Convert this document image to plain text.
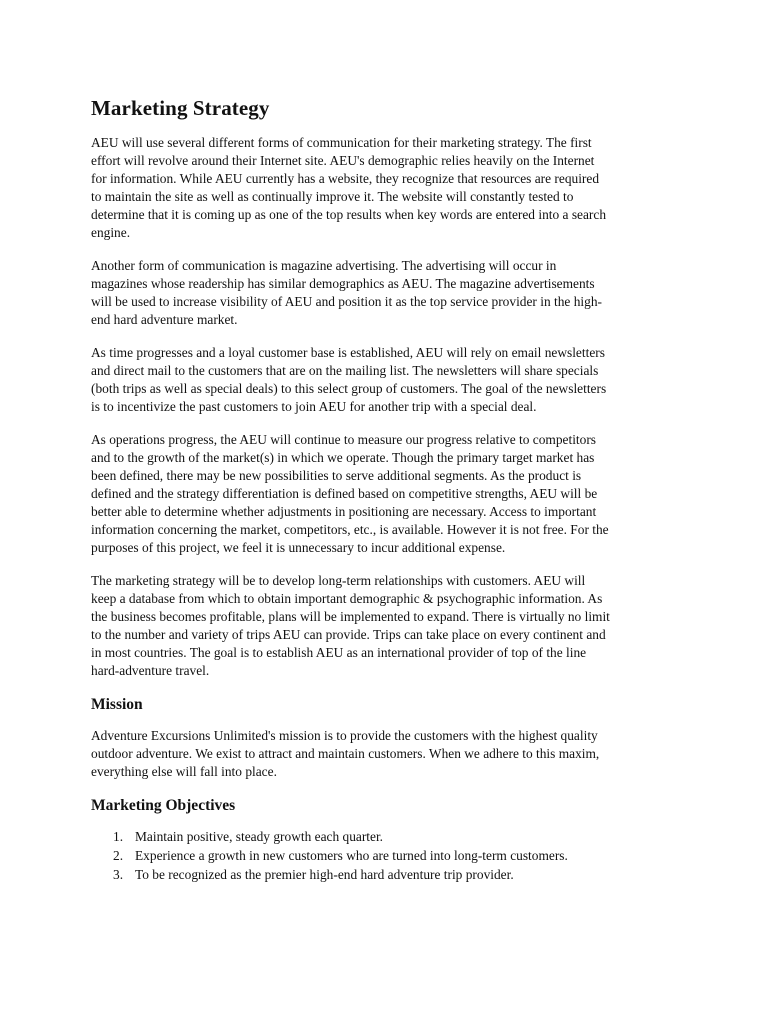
Marketing Strategy

AEU will use several different forms of communication for their marketing strategy. The first
effort will revolve around their Internet site. AEU's demographic relies heavily on the Internet
for information. While AEU currently has a website, they recognize that resources are required
to maintain the site as well as continually improve it. The website will constantly tested to
determine that it is coming up as one of the top results when key words are entered into a search
engine.

Another form of communication is magazine advertising. The advertising will occur in
magazines whose readership has similar demographics as AEU. The magazine advertisements
will be used to increase visibility of AEU and position it as the top service provider in the high-
end hard adventure market.

As time progresses and a loyal customer base is established, AEU will rely on email newsletters
and direct mail to the customers that are on the mailing list. The newsletters will share specials
(both trips as well as special deals) to this select group of customers. The goal of the newsletters
is to incentivize the past customers to join AEU for another trip with a special deal.

As operations progress, the AEU will continue to measure our progress relative to competitors
and to the growth of the market(s) in which we operate. Though the primary target market has
been defined, there may be new possibilities to serve additional segments. As the product is
defined and the strategy differentiation is defined based on competitive strengths, AEU will be
better able to determine whether adjustments in positioning are necessary. Access to important
information concerning the market, competitors, etc., is available. However it is not free. For the
purposes of this project, we feel it is unnecessary to incur additional expense.

The marketing strategy will be to develop long-term relationships with customers. AEU will
keep a database from which to obtain important demographic & psychographic information. As
the business becomes profitable, plans will be implemented to expand. There is virtually no limit
to the number and variety of trips AEU can provide. Trips can take place on every continent and
in most countries. The goal is to establish AEU as an international provider of top of the line
hard-adventure travel.

Mission

Adventure Excursions Unlimited's mission is to provide the customers with the highest quality
outdoor adventure. We exist to attract and maintain customers. When we adhere to this maxim,
everything else will fall into place.

Marketing Objectives
1. Maintain positive, steady growth each quarter.
2. Experience a growth in new customers who are turned into long-term customers.
3. To be recognized as the premier high-end hard adventure trip provider.
